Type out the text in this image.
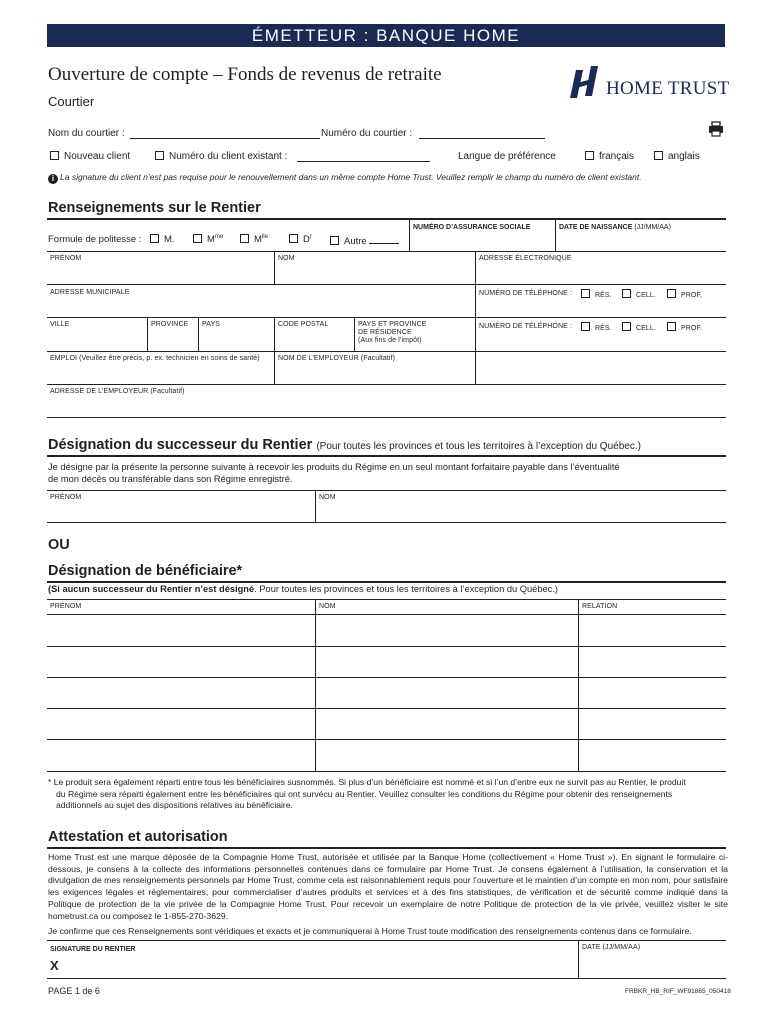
ÉMETTEUR : BANQUE HOME
Ouverture de compte – Fonds de revenus de retraite
Courtier
HOME TRUST
Nom du courtier :	Numéro du courtier :
Nouveau client	Numéro du client existant :	Langue de préférence	français	anglais
i La signature du client n’est pas requise pour le renouvellement dans un même compte Home Trust. Veuillez remplir le champ du numéro de client existant.
Renseignements sur le Rentier
Formule de politesse :	M.	$M^{me}$	$M^{lle}$	$D^r$	Autre
NUMÉRO D’ASSURANCE SOCIALE	DATE DE NAISSANCE (JJ/MM/AA)
PRÉNOM	NOM	ADRESSE ÉLECTRONIQUE
ADRESSE MUNICIPALE	NUMÉRO DE TÉLÉPHONE :	RÉS.	CELL.	PROF.
VILLE	PROVINCE PAYS	CODE POSTAL	PAYS ET PROVINCE
DE RÉSIDENCE
(Aux fins de l’impôt)
NUMÉRO DE TÉLÉPHONE :	RÉS.	CELL.	PROF.
EMPLOI (Veuillez être précis, p. ex. technicien en soins de santé)	NOM DE L’EMPLOYEUR (Facultatif)
ADRESSE DE L’EMPLOYEUR (Facultatif)
Désignation du successeur du Rentier (Pour toutes les provinces et tous les territoires à l’exception du Québec.)
Je désigne par la présente la personne suivante à recevoir les produits du Régime en un seul montant forfaitaire payable dans l’éventualité
de mon décès ou transférable dans son Régime enregistré.
PRÉNOM	NOM
OU
Désignation de bénéficiaire*
(Si aucun successeur du Rentier n’est désigné. Pour toutes les provinces et tous les territoires à l’exception du Québec.)
PRÉNOM	NOM	RELATION
* Le produit sera également réparti entre tous les bénéficiaires susnommés. Si plus d’un bénéficiaire est nommé et si l’un d’entre eux ne survit pas au Rentier, le produit
du Régime sera réparti également entre les bénéficiaires qui ont survécu au Rentier. Veuillez consulter les conditions du Régime pour obtenir des renseignements
additionnels au sujet des dispositions relatives au bénéficiaire.
Attestation et autorisation
Home Trust est une marque déposée de la Compagnie Home Trust, autorisée et utilisée par la Banque Home (collectivement « Home Trust »). En signant le formulaire ci-dessous, je consens à la collecte des informations personnelles contenues dans ce formulaire par Home Trust. Je consens également à l’utilisation, la conservation et la divulgation de mes renseignements personnels par Home Trust, comme cela est raisonnablement requis pour l’ouverture et le maintien d’un compte en mon nom, pour satisfaire les exigences légales et réglementaires, pour commercialiser d’autres produits et services et à des fins statistiques, de vérification et de sécurité comme indiqué dans la Politique de protection de la vie privée de la Compagnie Home Trust. Pour recevoir un exemplaire de notre Politique de protection de la vie privée, veuillez visiter le site hometrust.ca ou composez le 1-855-270-3629.
Je confirme que ces Renseignements sont véridiques et exacts et je communiquerai à Home Trust toute modification des renseignements contenus dans ce formulaire.
SIGNATURE DU RENTIER	DATE (JJ/MM/AA)
X
PAGE 1 de 6	FRBKR_HB_RIF_WF91865_050418
